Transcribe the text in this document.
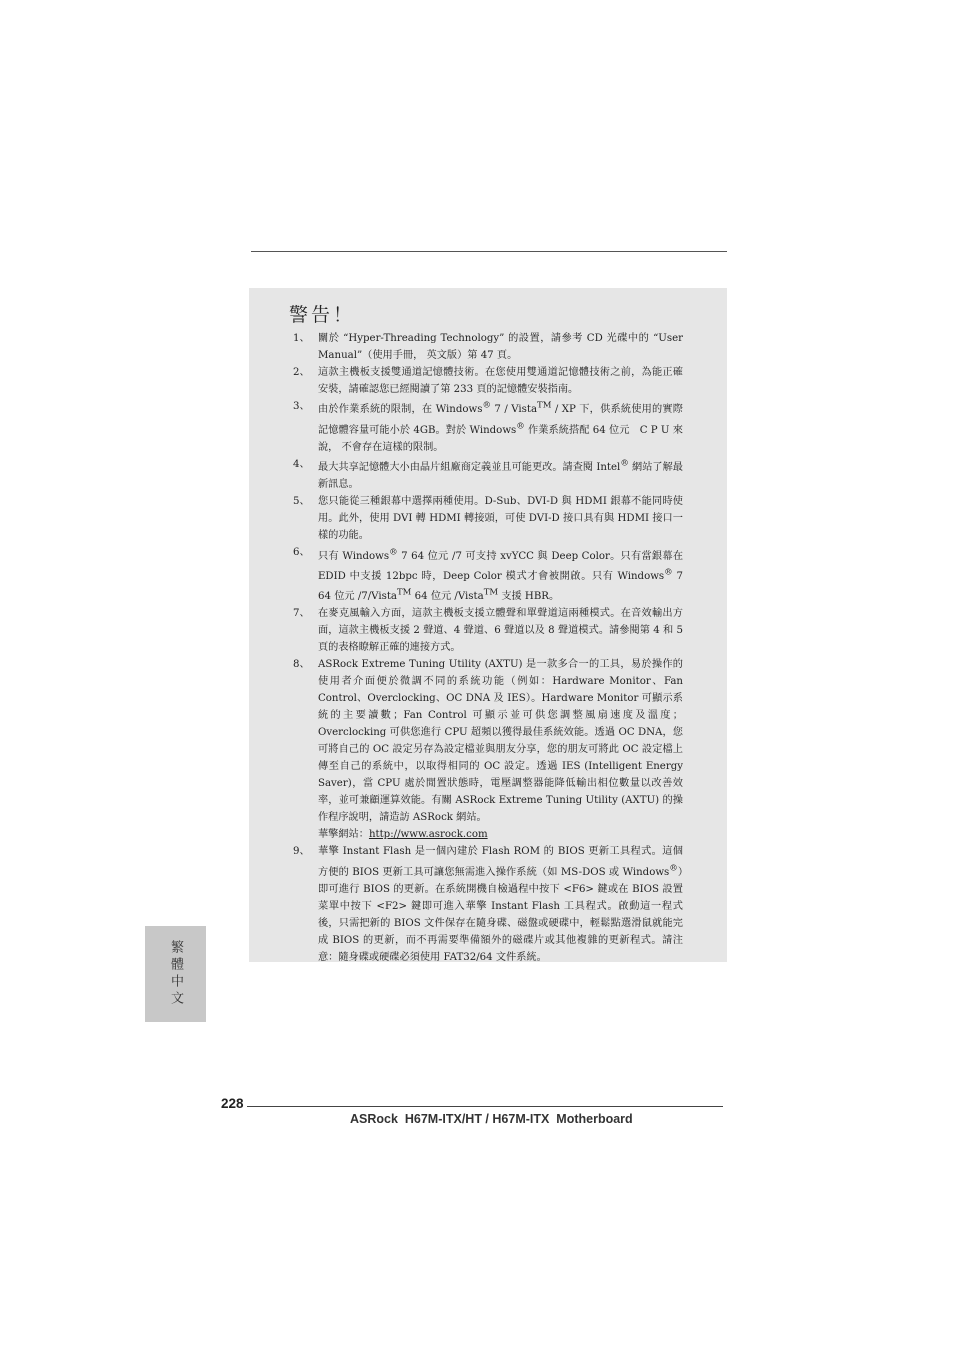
警告！
1、 關於 “Hyper-Threading Technology” 的設置，請參考 CD 光碟中的 “User Manual”（使用手冊， 英文版）第 47 頁。
2、 這款主機板支援雙通道記憶體技術。在您使用雙通道記憶體技術之前，為能正確安裝，請確認您已經閱讀了第 233 頁的記憶體安裝指南。
3、 由於作業系統的限制，在 Windows® 7 / Vista™ / XP 下，供系統使用的實際記憶體容量可能小於 4GB。對於 Windows® 作業系統搭配 64 位元　C P U 來說， 不會存在這樣的限制。
4、 最大共享記憶體大小由晶片組廠商定義並且可能更改。請查閱 Intel® 網站了解最新訊息。
5、 您只能從三種銀幕中選擇兩種使用。D-Sub、DVI-D 與 HDMI 銀幕不能同時使用。此外，使用 DVI 轉 HDMI 轉接頭，可使 DVI-D 接口具有與 HDMI 接口一樣的功能。
6、 只有 Windows® 7 64 位元 /7 可支持 xvYCC 與 Deep Color。只有當銀幕在 EDID 中支援 12bpc 時，Deep Color 模式才會被開啟。只有 Windows® 7 64 位元 /7/Vista™ 64 位元 /Vista™ 支援 HBR。
7、 在麥克風輸入方面，這款主機板支援立體聲和單聲道這兩種模式。在音效輸出方面，這款主機板支援 2 聲道、4 聲道、6 聲道以及 8 聲道模式。請參閱第 4 和 5 頁的表格瞭解正確的連接方式。
8、 ASRock Extreme Tuning Utility (AXTU) 是一款多合一的工具，易於操作的使用者介面便於微調不同的系統功能（例如：Hardware Monitor、Fan Control、Overclocking、OC DNA 及 IES）。Hardware Monitor 可顯示系統的主要讀數；Fan Control 可顯示並可供您調整風扇速度及溫度；Overclocking 可供您進行 CPU 超頻以獲得最佳系統效能。透過 OC DNA，您可將自己的 OC 設定另存為設定檔並與朋友分享，您的朋友可將此 OC 設定檔上傳至自己的系統中，以取得相同的 OC 設定。透過 IES (Intelligent Energy Saver)，當 CPU 處於閒置狀態時，電壓調整器能降低輸出相位數量以改善效率，並可兼顧運算效能。有關 ASRock Extreme Tuning Utility (AXTU) 的操作程序說明，請造訪 ASRock 網站。
華擎網站：http://www.asrock.com
9、 華擎 Instant Flash 是一個內建於 Flash ROM 的 BIOS 更新工具程式。這個方便的 BIOS 更新工具可讓您無需進入操作系統（如 MS-DOS 或 Windows®）即可進行 BIOS 的更新。在系統開機自檢過程中按下 <F6> 鍵或在 BIOS 設置菜單中按下 <F2> 鍵即可進入華擎 Instant Flash 工具程式。啟動這一程式後，只需把新的 BIOS 文件保存在隨身碟、磁盤或硬碟中，輕鬆點選滑鼠就能完成 BIOS 的更新，而不再需要準備額外的磁碟片或其他複雜的更新程式。請注意：隨身碟或硬碟必須使用 FAT32/64 文件系統。
繁體中文
228
ASRock  H67M-ITX/HT / H67M-ITX  Motherboard
